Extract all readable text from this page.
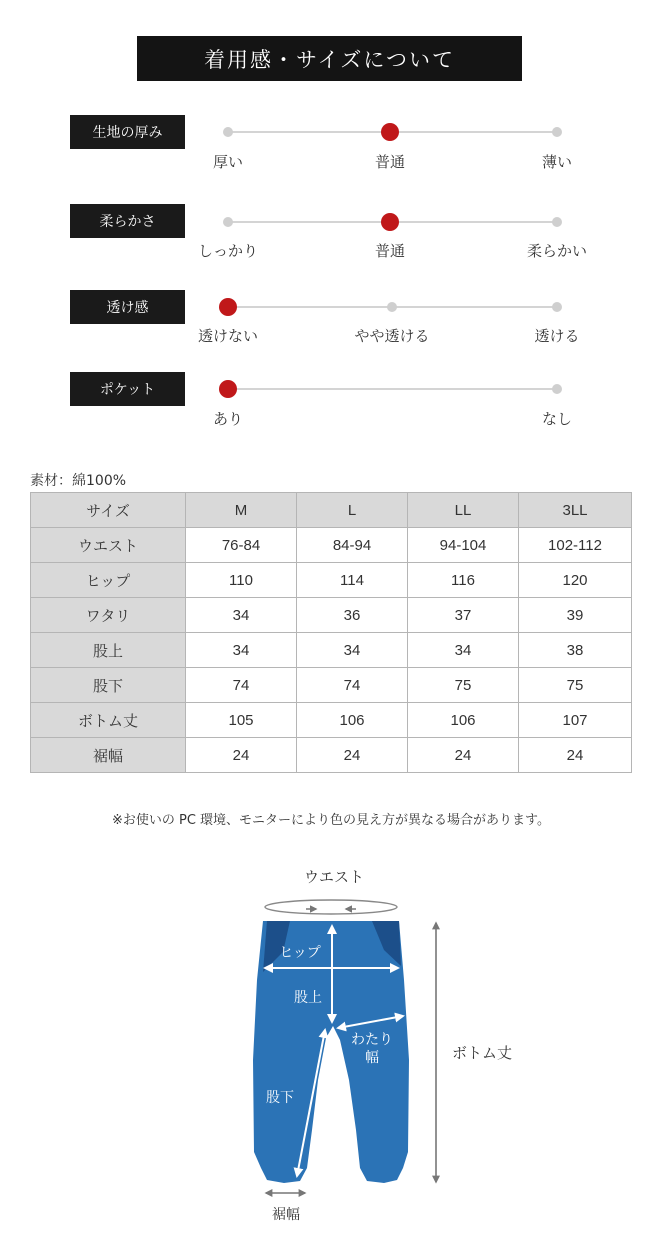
着用感・サイズについて
生地の厚み
厚い	普通	薄い
柔らかさ
しっかり	普通	柔らかい
透け感
透けない	やや透ける	透ける
ポケット
あり	なし
素材：綿100%
サイズ	M	L	LL	3LL
ウエスト	76-84	84-94	94-104	102-112
ヒップ	110	114	116	120
ワタリ	34	36	37	39
股上	34	34	34	38
股下	74	74	75	75
ボトム丈	105	106	106	107
裾幅	24	24	24	24
※お使いの PC 環境、モニターにより色の見え方が異なる場合があります。
ウエスト
ヒップ
股上
わたり
幅
股下
ボトム丈
裾幅
